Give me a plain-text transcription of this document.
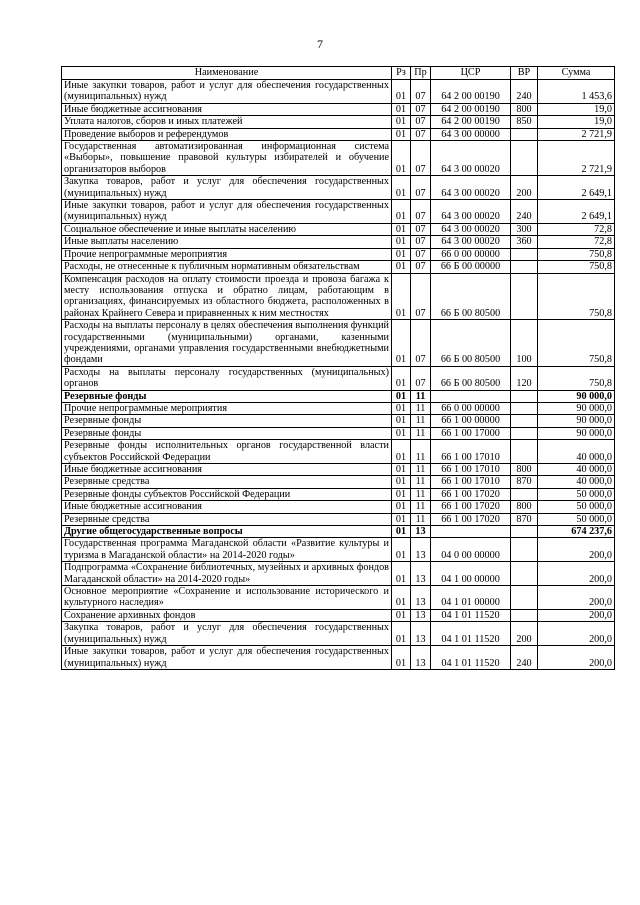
7
Наименование	Рз	Пр	ЦСР	ВР	Сумма
Иные закупки товаров, работ и услуг для обеспечения государственных (муниципальных) нужд	01	07	64 2 00 00190	240	1 453,6
Иные бюджетные ассигнования	01	07	64 2 00 00190	800	19,0
Уплата налогов, сборов и иных платежей	01	07	64 2 00 00190	850	19,0
Проведение выборов и референдумов	01	07	64 3 00 00000		2 721,9
Государственная автоматизированная информационная система «Выборы», повышение правовой культуры избирателей и обучение организаторов выборов	01	07	64 3 00 00020		2 721,9
Закупка товаров, работ и услуг для обеспечения государственных (муниципальных) нужд	01	07	64 3 00 00020	200	2 649,1
Иные закупки товаров, работ и услуг для обеспечения государственных (муниципальных) нужд	01	07	64 3 00 00020	240	2 649,1
Социальное обеспечение и иные выплаты населению	01	07	64 3 00 00020	300	72,8
Иные выплаты населению	01	07	64 3 00 00020	360	72,8
Прочие непрограммные мероприятия	01	07	66 0 00 00000		750,8
Расходы, не отнесенные к публичным нормативным обязательствам	01	07	66 Б 00 00000		750,8
Компенсация расходов на оплату стоимости проезда и провоза багажа к месту использования отпуска и обратно лицам, работающим в организациях, финансируемых из областного бюджета, расположенных в районах Крайнего Севера и приравненных к ним местностях	01	07	66 Б 00 80500		750,8
Расходы на выплаты персоналу в целях обеспечения выполнения функций государственными (муниципальными) органами, казенными учреждениями, органами управления государственными внебюджетными фондами	01	07	66 Б 00 80500	100	750,8
Расходы на выплаты персоналу государственных (муниципальных) органов	01	07	66 Б 00 80500	120	750,8
Резервные фонды	01	11			90 000,0
Прочие непрограммные мероприятия	01	11	66 0 00 00000		90 000,0
Резервные фонды	01	11	66 1 00 00000		90 000,0
Резервные фонды	01	11	66 1 00 17000		90 000,0
Резервные фонды исполнительных органов государственной власти субъектов Российской Федерации	01	11	66 1 00 17010		40 000,0
Иные бюджетные ассигнования	01	11	66 1 00 17010	800	40 000,0
Резервные средства	01	11	66 1 00 17010	870	40 000,0
Резервные фонды субъектов Российской Федерации	01	11	66 1 00 17020		50 000,0
Иные бюджетные ассигнования	01	11	66 1 00 17020	800	50 000,0
Резервные средства	01	11	66 1 00 17020	870	50 000,0
Другие общегосударственные вопросы	01	13			674 237,6
Государственная программа Магаданской области «Развитие культуры и туризма в Магаданской области» на 2014-2020 годы»	01	13	04 0 00 00000		200,0
Подпрограмма «Сохранение библиотечных, музейных и архивных фондов Магаданской области» на 2014-2020 годы»	01	13	04 1 00 00000		200,0
Основное мероприятие «Сохранение и использование исторического и культурного наследия»	01	13	04 1 01 00000		200,0
Сохранение архивных фондов	01	13	04 1 01 11520		200,0
Закупка товаров, работ и услуг для обеспечения государственных (муниципальных) нужд	01	13	04 1 01 11520	200	200,0
Иные закупки товаров, работ и услуг для обеспечения государственных (муниципальных) нужд	01	13	04 1 01 11520	240	200,0
